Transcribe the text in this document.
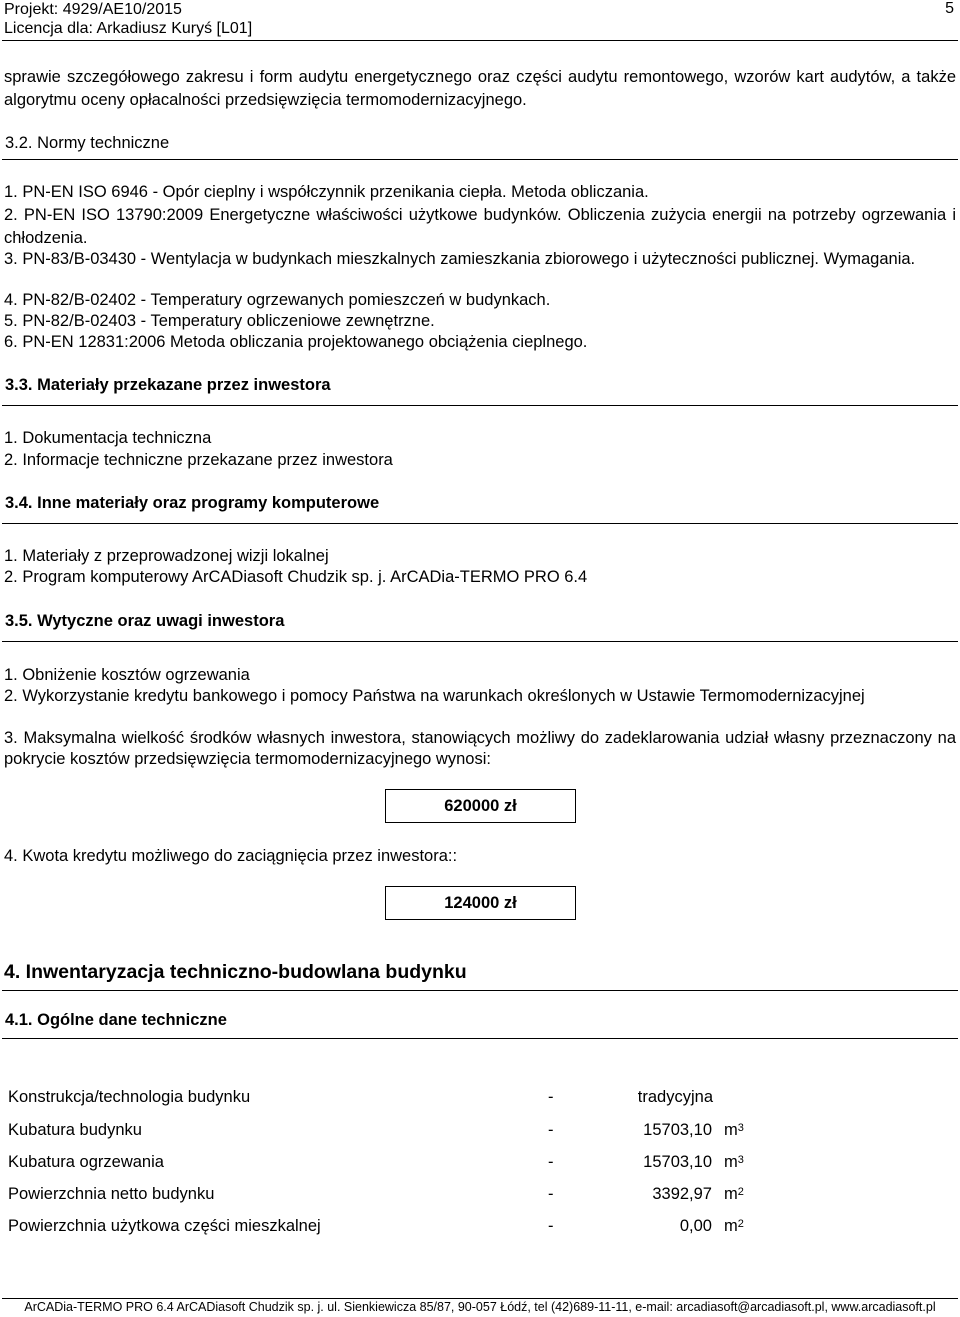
Projekt: 4929/AE10/2015
Licencja dla: Arkadiusz Kuryś [L01]
5
sprawie szczegółowego zakresu i form audytu energetycznego oraz części audytu remontowego, wzorów kart audytów, a także algorytmu oceny opłacalności przedsięwzięcia termomodernizacyjnego.
3.2. Normy techniczne
1. PN-EN ISO 6946 - Opór cieplny i współczynnik przenikania ciepła. Metoda obliczania.
2. PN-EN ISO 13790:2009 Energetyczne właściwości użytkowe budynków. Obliczenia zużycia energii na potrzeby ogrzewania i chłodzenia.
3. PN-83/B-03430 - Wentylacja w budynkach mieszkalnych zamieszkania zbiorowego i użyteczności publicznej. Wymagania.
4. PN-82/B-02402 - Temperatury ogrzewanych pomieszczeń w budynkach.
5. PN-82/B-02403 - Temperatury obliczeniowe zewnętrzne.
6. PN-EN 12831:2006 Metoda obliczania projektowanego obciążenia cieplnego.
3.3. Materiały przekazane przez inwestora
1. Dokumentacja techniczna
2. Informacje techniczne przekazane przez inwestora
3.4. Inne materiały oraz programy komputerowe
1. Materiały z przeprowadzonej wizji lokalnej
2. Program komputerowy ArCADiasoft Chudzik sp. j. ArCADia-TERMO PRO 6.4
3.5. Wytyczne oraz uwagi inwestora
1. Obniżenie kosztów ogrzewania
2. Wykorzystanie kredytu bankowego i pomocy Państwa na warunkach określonych w Ustawie Termomodernizacyjnej
3. Maksymalna wielkość środków własnych inwestora, stanowiących możliwy do zadeklarowania udział własny przeznaczony na pokrycie kosztów przedsięwzięcia termomodernizacyjnego wynosi:
620000 zł
4. Kwota kredytu możliwego do zaciągnięcia przez inwestora::
124000 zł
4. Inwentaryzacja techniczno-budowlana budynku
4.1. Ogólne dane techniczne
Konstrukcja/technologia budynku	-	tradycyjna
Kubatura budynku	-	15703,10 $m^3$
Kubatura ogrzewania	-	15703,10 $m^3$
Powierzchnia netto budynku	-	3392,97 $m^2$
Powierzchnia użytkowa części mieszkalnej	-	0,00 $m^2$
ArCADia-TERMO PRO 6.4 ArCADiasoft Chudzik sp. j. ul. Sienkiewicza 85/87, 90-057 Łódź, tel (42)689-11-11, e-mail: arcadiasoft@arcadiasoft.pl, www.arcadiasoft.pl
